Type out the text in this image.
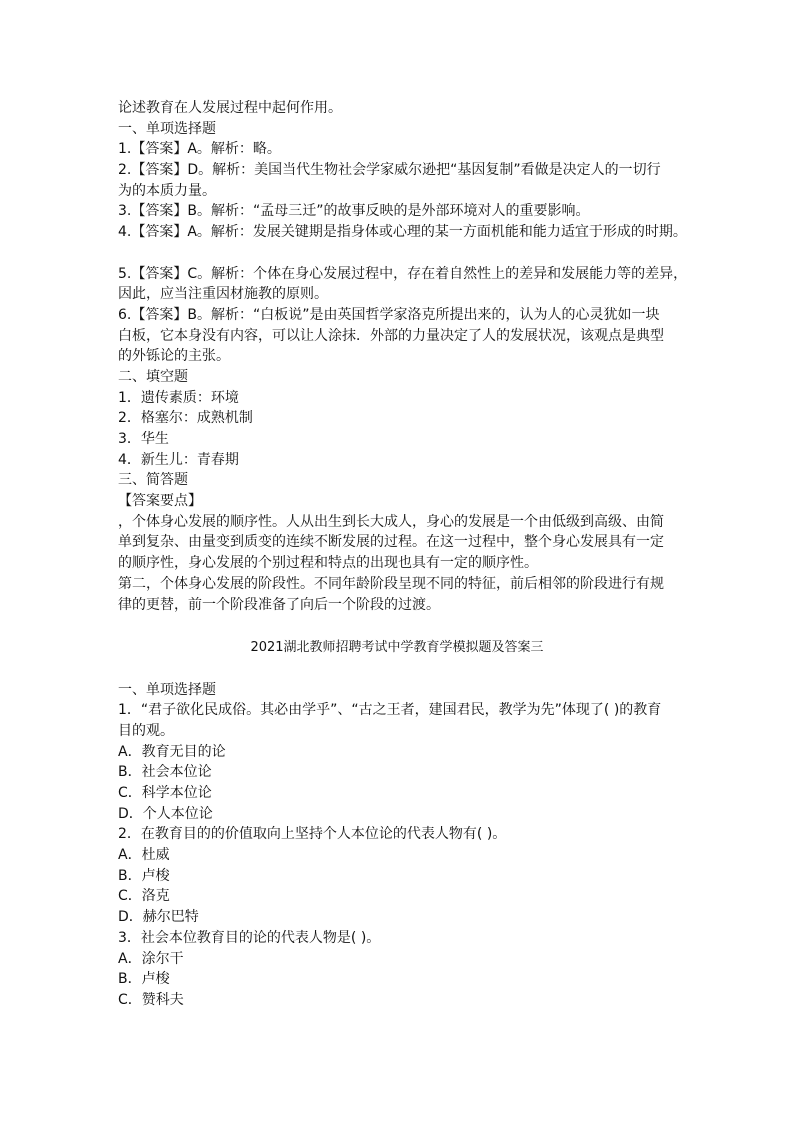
论述教育在人发展过程中起何作用。
一、单项选择题
1.【答案】A。解析：略。
2.【答案】D。解析：美国当代生物社会学家威尔逊把“基因复制”看做是决定人的一切行
为的本质力量。
3.【答案】B。解析：“孟母三迁”的故事反映的是外部环境对人的重要影响。
4.【答案】A。解析：发展关键期是指身体或心理的某一方面机能和能力适宜于形成的时期。
5.【答案】C。解析：个体在身心发展过程中，存在着自然性上的差异和发展能力等的差异，
因此，应当注重因材施教的原则。
6.【答案】B。解析：“白板说”是由英国哲学家洛克所提出来的，认为人的心灵犹如一块
白板，它本身没有内容，可以让人涂抹．外部的力量决定了人的发展状况，该观点是典型
的外铄论的主张。
二、填空题
1．遗传素质：环境
2．格塞尔：成熟机制
3．华生
4．新生儿：青春期
三、简答题
【答案要点】
，个体身心发展的顺序性。人从出生到长大成人，身心的发展是一个由低级到高级、由简
单到复杂、由量变到质变的连续不断发展的过程。在这一过程中，整个身心发展具有一定
的顺序性，身心发展的个别过程和特点的出现也具有一定的顺序性。
第二，个体身心发展的阶段性。不同年龄阶段呈现不同的特征，前后相邻的阶段进行有规
律的更替，前一个阶段准备了向后一个阶段的过渡。
2021湖北教师招聘考试中学教育学模拟题及答案三
一、单项选择题
1．“君子欲化民成俗。其必由学乎”、“古之王者，建国君民，教学为先”体现了( )的教育
目的观。
A．教育无目的论
B．社会本位论
C．科学本位论
D．个人本位论
2．在教育目的的价值取向上坚持个人本位论的代表人物有( )。
A．杜威
B．卢梭
C．洛克
D．赫尔巴特
3．社会本位教育目的论的代表人物是( )。
A．涂尔干
B．卢梭
C．赞科夫
